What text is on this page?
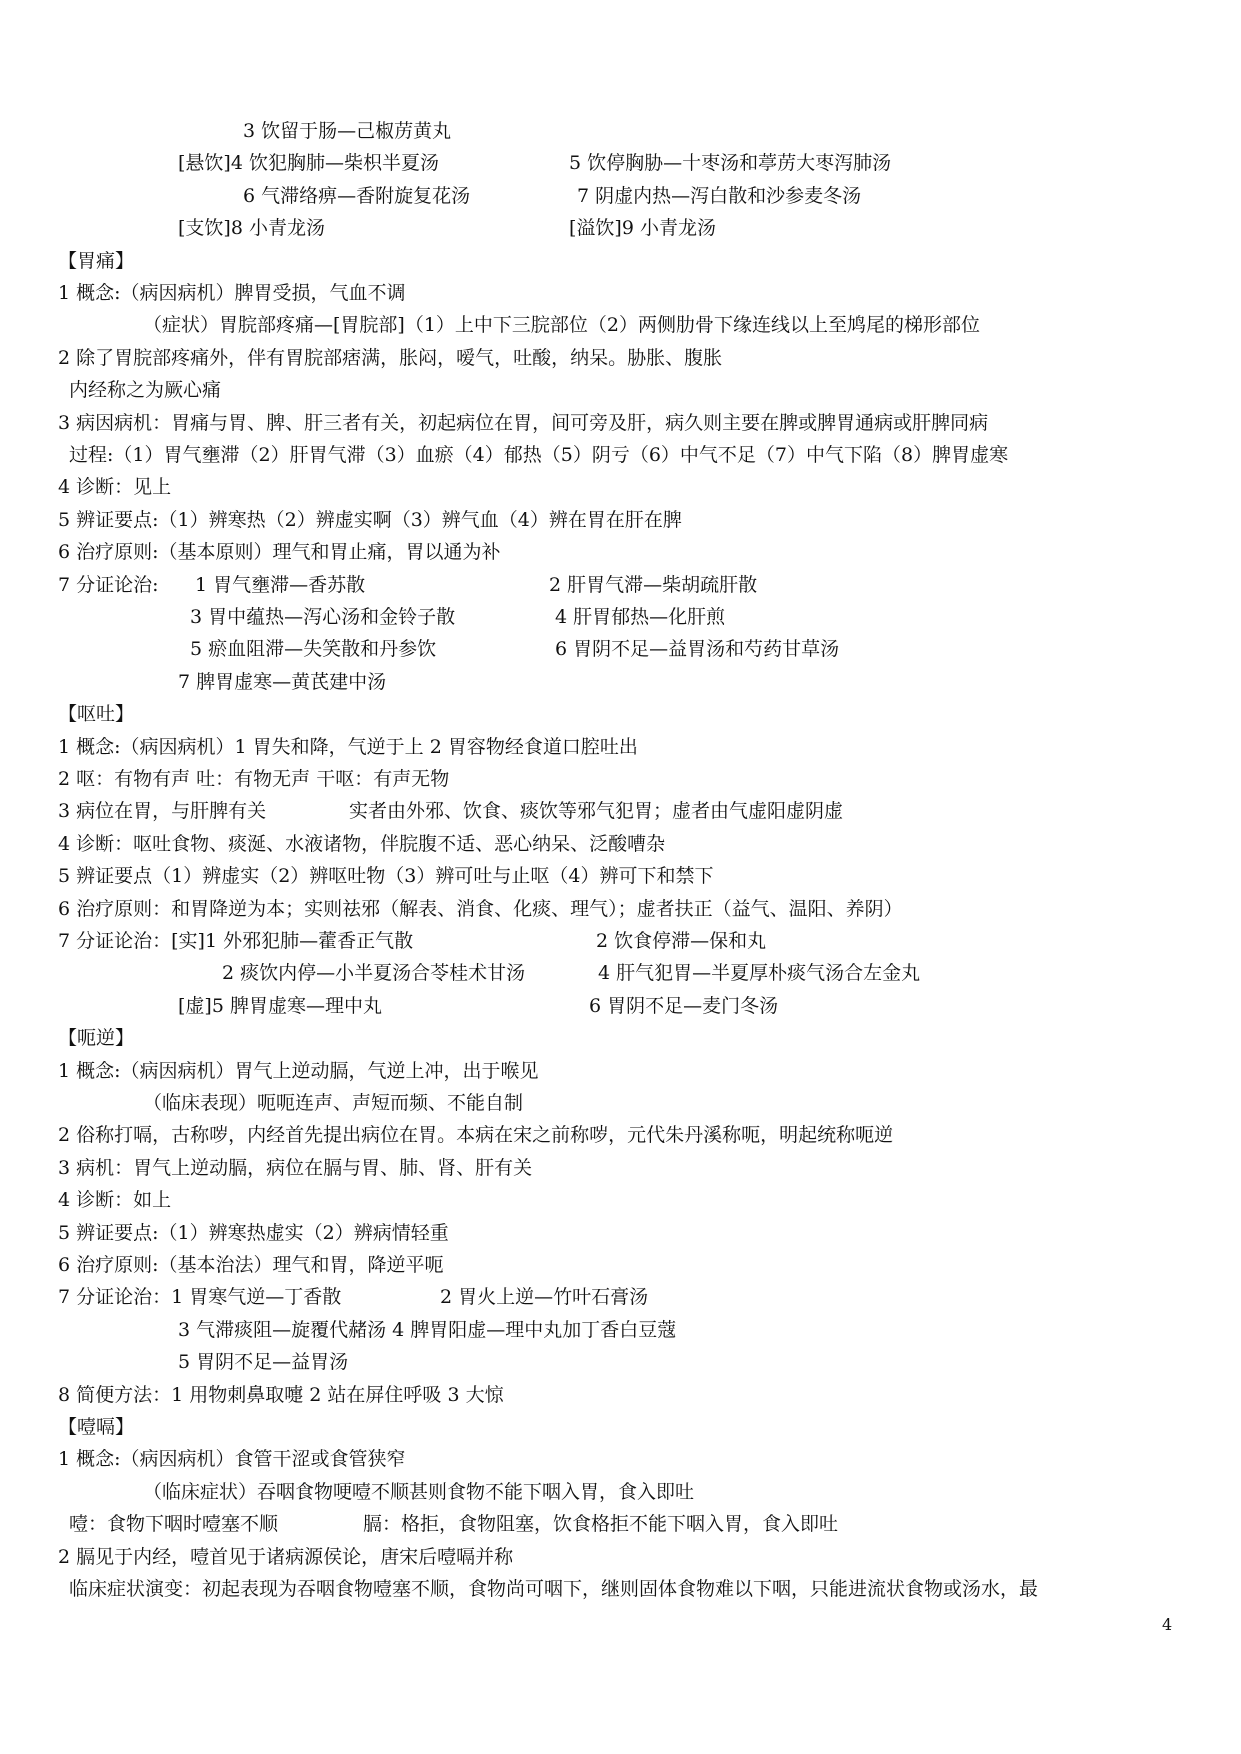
3 饮留于肠—己椒苈黄丸
[悬饮]4 饮犯胸肺—柴枳半夏汤	5 饮停胸胁—十枣汤和葶苈大枣泻肺汤
6 气滞络痹—香附旋复花汤	7 阴虚内热—泻白散和沙参麦冬汤
[支饮]8 小青龙汤	[溢饮]9 小青龙汤
【胃痛】
1 概念:（病因病机）脾胃受损，气血不调
（症状）胃脘部疼痛—[胃脘部]（1）上中下三脘部位（2）两侧肋骨下缘连线以上至鸠尾的梯形部位
2 除了胃脘部疼痛外，伴有胃脘部痞满，胀闷，嗳气，吐酸，纳呆。胁胀、腹胀
内经称之为厥心痛
3 病因病机：胃痛与胃、脾、肝三者有关，初起病位在胃，间可旁及肝，病久则主要在脾或脾胃通病或肝脾同病
过程:（1）胃气壅滞（2）肝胃气滞（3）血瘀（4）郁热（5）阴亏（6）中气不足（7）中气下陷（8）脾胃虚寒
4 诊断：见上
5 辨证要点:（1）辨寒热（2）辨虚实啊（3）辨气血（4）辨在胃在肝在脾
6 治疗原则:（基本原则）理气和胃止痛，胃以通为补
7 分证论治: 1 胃气壅滞—香苏散	2 肝胃气滞—柴胡疏肝散
3 胃中蕴热—泻心汤和金铃子散	4 肝胃郁热—化肝煎
5 瘀血阻滞—失笑散和丹参饮	6 胃阴不足—益胃汤和芍药甘草汤
7 脾胃虚寒—黄芪建中汤
【呕吐】
1 概念:（病因病机）1 胃失和降，气逆于上 2 胃容物经食道口腔吐出
2 呕：有物有声 吐：有物无声 干呕：有声无物
3 病位在胃，与肝脾有关	实者由外邪、饮食、痰饮等邪气犯胃；虚者由气虚阳虚阴虚
4 诊断：呕吐食物、痰涎、水液诸物，伴脘腹不适、恶心纳呆、泛酸嘈杂
5 辨证要点（1）辨虚实（2）辨呕吐物（3）辨可吐与止呕（4）辨可下和禁下
6 治疗原则：和胃降逆为本；实则祛邪（解表、消食、化痰、理气）；虚者扶正（益气、温阳、养阴）
7 分证论治：[实]1 外邪犯肺—藿香正气散	2 饮食停滞—保和丸
2 痰饮内停—小半夏汤合苓桂术甘汤	4 肝气犯胃—半夏厚朴痰气汤合左金丸
[虚]5 脾胃虚寒—理中丸	6 胃阴不足—麦门冬汤
【呃逆】
1 概念:（病因病机）胃气上逆动膈，气逆上冲，出于喉见
（临床表现）呃呃连声、声短而频、不能自制
2 俗称打嗝，古称哕，内经首先提出病位在胃。本病在宋之前称哕，元代朱丹溪称呃，明起统称呃逆
3 病机：胃气上逆动膈，病位在膈与胃、肺、肾、肝有关
4 诊断：如上
5 辨证要点:（1）辨寒热虚实（2）辨病情轻重
6 治疗原则:（基本治法）理气和胃，降逆平呃
7 分证论治：1 胃寒气逆—丁香散	2 胃火上逆—竹叶石膏汤
3 气滞痰阻—旋覆代赭汤 4 脾胃阳虚—理中丸加丁香白豆蔻
5 胃阴不足—益胃汤
8 简便方法：1 用物刺鼻取嚏 2 站在屏住呼吸 3 大惊
【噎嗝】
1 概念:（病因病机）食管干涩或食管狭窄
（临床症状）吞咽食物哽噎不顺甚则食物不能下咽入胃，食入即吐
噎：食物下咽时噎塞不顺	膈：格拒，食物阻塞，饮食格拒不能下咽入胃，食入即吐
2 膈见于内经，噎首见于诸病源侯论，唐宋后噎嗝并称
临床症状演变：初起表现为吞咽食物噎塞不顺，食物尚可咽下，继则固体食物难以下咽，只能进流状食物或汤水，最
4
